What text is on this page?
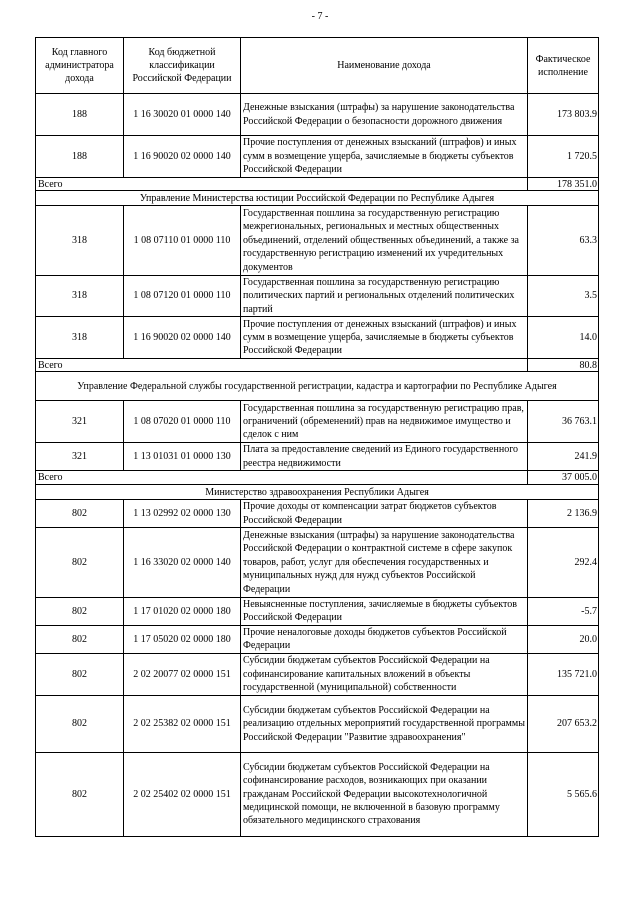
- 7 -
Код главного администратора дохода	Код бюджетной классификации Российской Федерации	Наименование дохода	Фактическое исполнение
188	1 16 30020 01 0000 140	Денежные взыскания (штрафы) за нарушение законодательства Российской Федерации о безопасности дорожного движения	173 803.9
188	1 16 90020 02 0000 140	Прочие поступления от денежных взысканий (штрафов) и иных сумм в возмещение ущерба, зачисляемые в бюджеты субъектов Российской Федерации	1 720.5
Всего			178 351.0
Управление Министерства юстиции Российской Федерации по Республике Адыгея			
318	1 08 07110 01 0000 110	Государственная пошлина за государственную регистрацию межрегиональных, региональных и местных общественных объединений, отделений общественных объединений, а также за государственную регистрацию изменений их учредительных документов	63.3
318	1 08 07120 01 0000 110	Государственная пошлина за государственную регистрацию политических партий и региональных отделений политических партий	3.5
318	1 16 90020 02 0000 140	Прочие поступления от денежных взысканий (штрафов) и иных сумм в возмещение ущерба, зачисляемые в бюджеты субъектов Российской Федерации	14.0
Всего			80.8
Управление Федеральной службы государственной регистрации, кадастра и картографии по Республике Адыгея			
321	1 08 07020 01 0000 110	Государственная пошлина за государственную регистрацию прав, ограничений (обременений) прав на недвижимое имущество и сделок с ним	36 763.1
321	1 13 01031 01 0000 130	Плата за предоставление сведений из Единого государственного реестра недвижимости	241.9
Всего			37 005.0
Министерство здравоохранения Республики Адыгея			
802	1 13 02992 02 0000 130	Прочие доходы от компенсации затрат бюджетов субъектов Российской Федерации	2 136.9
802	1 16 33020 02 0000 140	Денежные взыскания (штрафы) за нарушение законодательства Российской Федерации о контрактной системе в сфере закупок товаров, работ, услуг для обеспечения государственных и муниципальных нужд для нужд субъектов Российской Федерации	292.4
802	1 17 01020 02 0000 180	Невыясненные поступления, зачисляемые в бюджеты субъектов Российской Федерации	-5.7
802	1 17 05020 02 0000 180	Прочие неналоговые доходы бюджетов субъектов Российской Федерации	20.0
802	2 02 20077 02 0000 151	Субсидии бюджетам субъектов Российской Федерации на софинансирование капитальных вложений в объекты государственной (муниципальной) собственности	135 721.0
802	2 02 25382 02 0000 151	Субсидии бюджетам субъектов Российской Федерации на реализацию отдельных мероприятий государственной программы Российской Федерации "Развитие здравоохранения"	207 653.2
802	2 02 25402 02 0000 151	Субсидии бюджетам субъектов Российской Федерации на софинансирование расходов, возникающих при оказании гражданам Российской Федерации высокотехнологичной медицинской помощи, не включенной в базовую программу обязательного медицинского страхования	5 565.6
